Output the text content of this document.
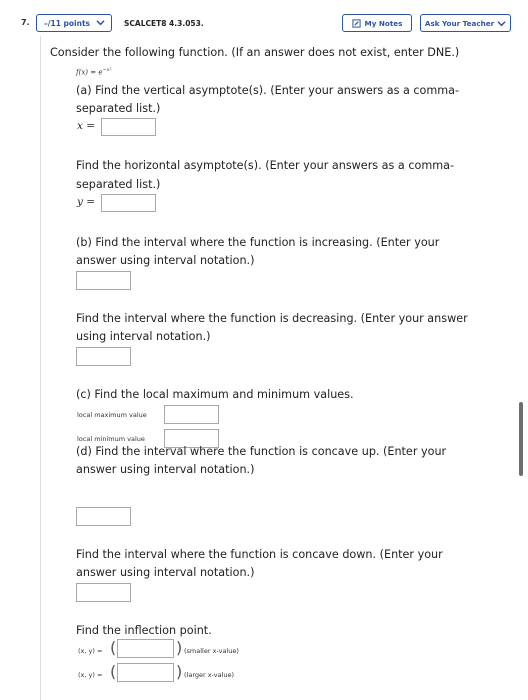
7.	–/11 points	SCALCET8 4.3.053.	My Notes	Ask Your Teacher
Consider the following function. (If an answer does not exist, enter DNE.)
$f(x) = e^{-x^2}$
(a) Find the vertical asymptote(s). (Enter your answers as a comma-
separated list.)
x =
Find the horizontal asymptote(s). (Enter your answers as a comma-
separated list.)
y =
(b) Find the interval where the function is increasing. (Enter your
answer using interval notation.)
Find the interval where the function is decreasing. (Enter your answer
using interval notation.)
(c) Find the local maximum and minimum values.
local maximum value
local minimum value
(d) Find the interval where the function is concave up. (Enter your
answer using interval notation.)
Find the interval where the function is concave down. (Enter your
answer using interval notation.)
Find the inflection point.
(x, y) = (	) (smaller x-value)
(x, y) = (	) (larger x-value)
